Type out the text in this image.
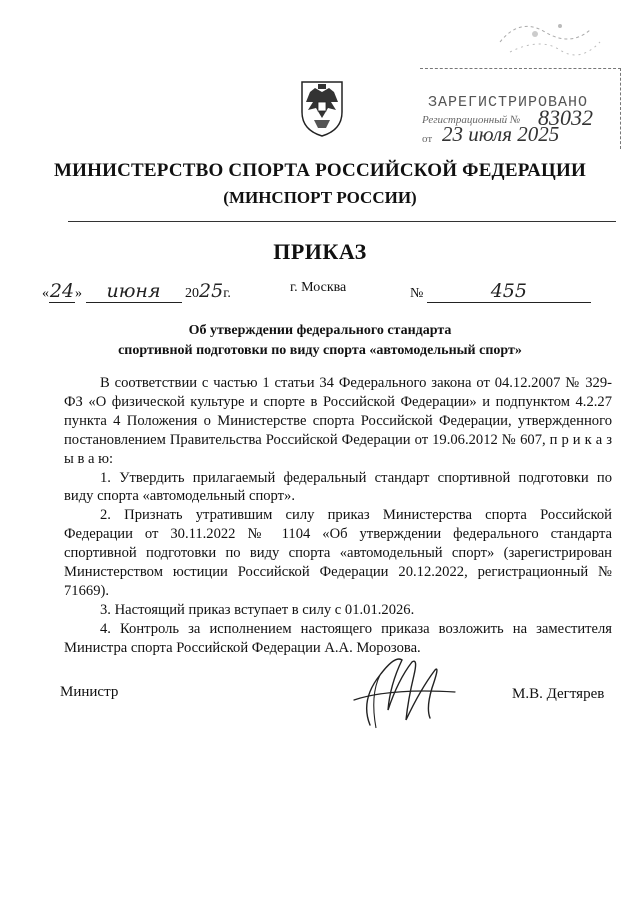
ЗАРЕГИСТРИРОВАНО
Регистрационный № 83032
от 23 июля 2025
МИНИСТЕРСТВО СПОРТА РОССИЙСКОЙ ФЕДЕРАЦИИ
(МИНСПОРТ РОССИИ)
ПРИКАЗ
«24» июня 2025г.	г. Москва	№	455
Об утверждении федерального стандарта
спортивной подготовки по виду спорта «автомодельный спорт»

В соответствии с частью 1 статьи 34 Федерального закона от 04.12.2007 № 329-ФЗ «О физической культуре и спорте в Российской Федерации» и подпунктом 4.2.27 пункта 4 Положения о Министерстве спорта Российской Федерации, утвержденного постановлением Правительства Российской Федерации от 19.06.2012 № 607, п р и к а з ы в а ю:

1. Утвердить прилагаемый федеральный стандарт спортивной подготовки по виду спорта «автомодельный спорт».

2. Признать утратившим силу приказ Министерства спорта Российской Федерации от 30.11.2022 № 1104 «Об утверждении федерального стандарта спортивной подготовки по виду спорта «автомодельный спорт» (зарегистрирован Министерством юстиции Российской Федерации 20.12.2022, регистрационный № 71669).

3. Настоящий приказ вступает в силу с 01.01.2026.

4. Контроль за исполнением настоящего приказа возложить на заместителя Министра спорта Российской Федерации А.А. Морозова.

Министр	М.В. Дегтярев
